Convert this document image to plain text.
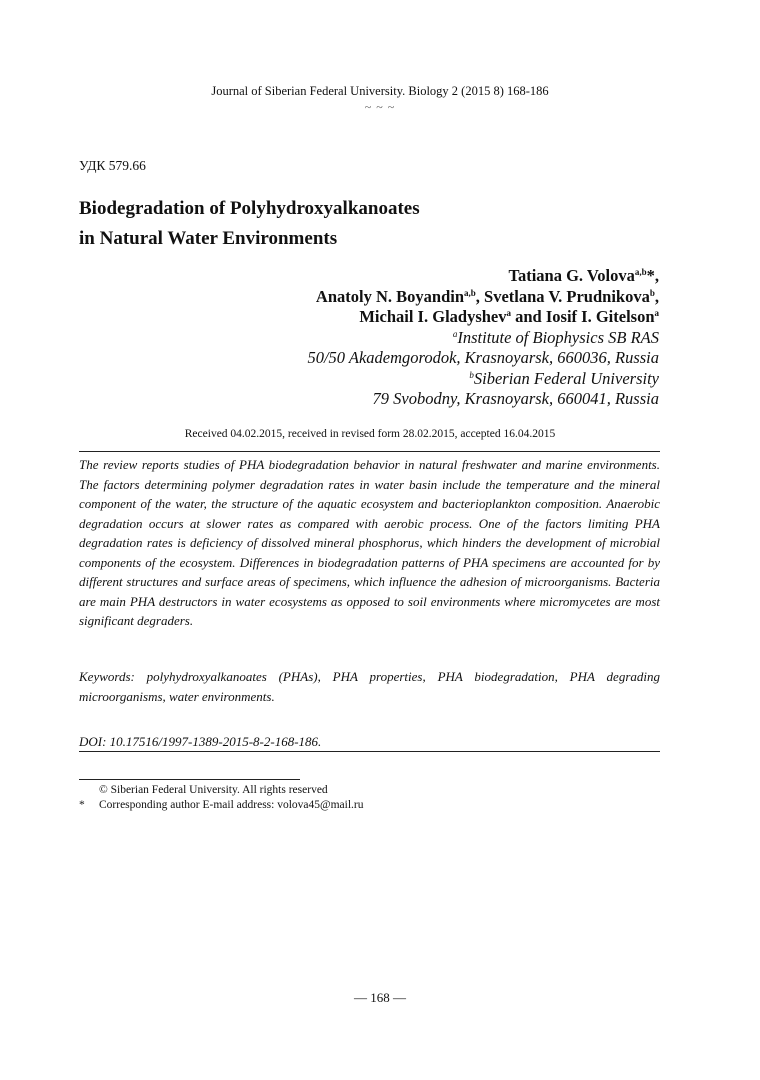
Journal of Siberian Federal University. Biology 2 (2015 8) 168-186
~ ~ ~
УДК 579.66
Biodegradation of Polyhydroxyalkanoates
in Natural Water Environments
Tatiana G. Volova$^{a,b}$*,
Anatoly N. Boyandin$^{a,b}$, Svetlana V. Prudnikova$^b$,
Michail I. Gladyshev$^a$ and Iosif I. Gitelson$^a$
$^a$Institute of Biophysics SB RAS
50/50 Akademgorodok, Krasnoyarsk, 660036, Russia
$^b$Siberian Federal University
79 Svobodny, Krasnoyarsk, 660041, Russia
Received 04.02.2015, received in revised form 28.02.2015, accepted 16.04.2015
The review reports studies of PHA biodegradation behavior in natural freshwater and marine environments. The factors determining polymer degradation rates in water basin include the temperature and the mineral component of the water, the structure of the aquatic ecosystem and bacterioplankton composition. Anaerobic degradation occurs at slower rates as compared with aerobic process. One of the factors limiting PHA degradation rates is deficiency of dissolved mineral phosphorus, which hinders the development of microbial components of the ecosystem. Differences in biodegradation patterns of PHA specimens are accounted for by different structures and surface areas of specimens, which influence the adhesion of microorganisms. Bacteria are main PHA destructors in water ecosystems as opposed to soil environments where micromycetes are most significant degraders.
Keywords: polyhydroxyalkanoates (PHAs), PHA properties, PHA biodegradation, PHA degrading microorganisms, water environments.
DOI: 10.17516/1997-1389-2015-8-2-168-186.
© Siberian Federal University. All rights reserved
*	Corresponding author E-mail address: volova45@mail.ru
— 168 —
